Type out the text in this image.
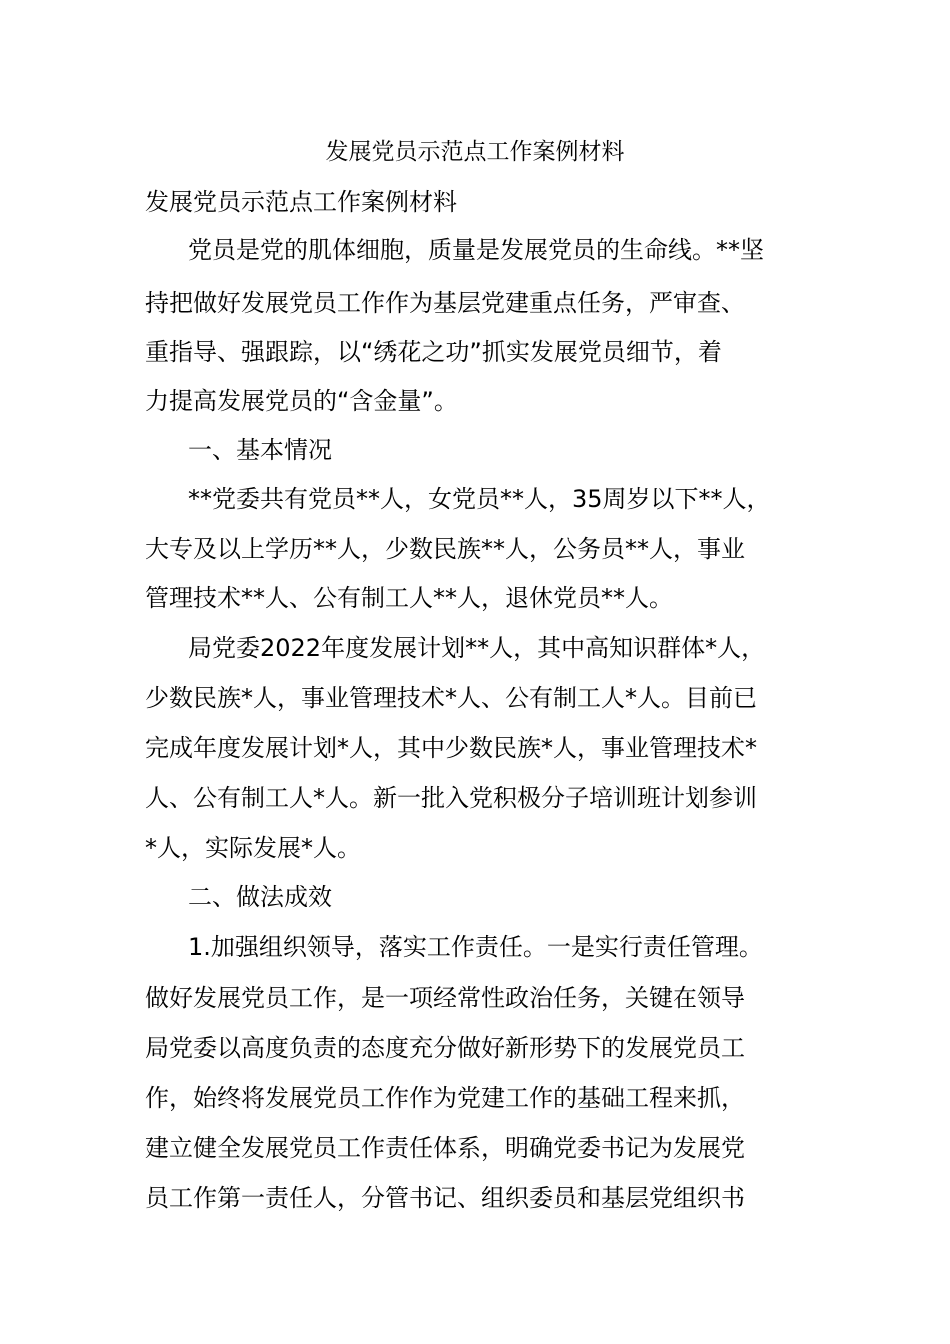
发展党员示范点工作案例材料
发展党员示范点工作案例材料
党员是党的肌体细胞，质量是发展党员的生命线。**坚
持把做好发展党员工作作为基层党建重点任务，严审查、
重指导、强跟踪，以“绣花之功”抓实发展党员细节，着
力提高发展党员的“含金量”。
一、基本情况
**党委共有党员**人，女党员**人，35周岁以下**人，
大专及以上学历**人，少数民族**人，公务员**人，事业
管理技术**人、公有制工人**人，退休党员**人。
局党委2022年度发展计划**人，其中高知识群体*人，
少数民族*人，事业管理技术*人、公有制工人*人。目前已
完成年度发展计划*人，其中少数民族*人，事业管理技术*
人、公有制工人*人。新一批入党积极分子培训班计划参训
*人，实际发展*人。
二、做法成效
1.加强组织领导，落实工作责任。一是实行责任管理。
做好发展党员工作，是一项经常性政治任务，关键在领导
局党委以高度负责的态度充分做好新形势下的发展党员工
作，始终将发展党员工作作为党建工作的基础工程来抓，
建立健全发展党员工作责任体系，明确党委书记为发展党
员工作第一责任人，分管书记、组织委员和基层党组织书
